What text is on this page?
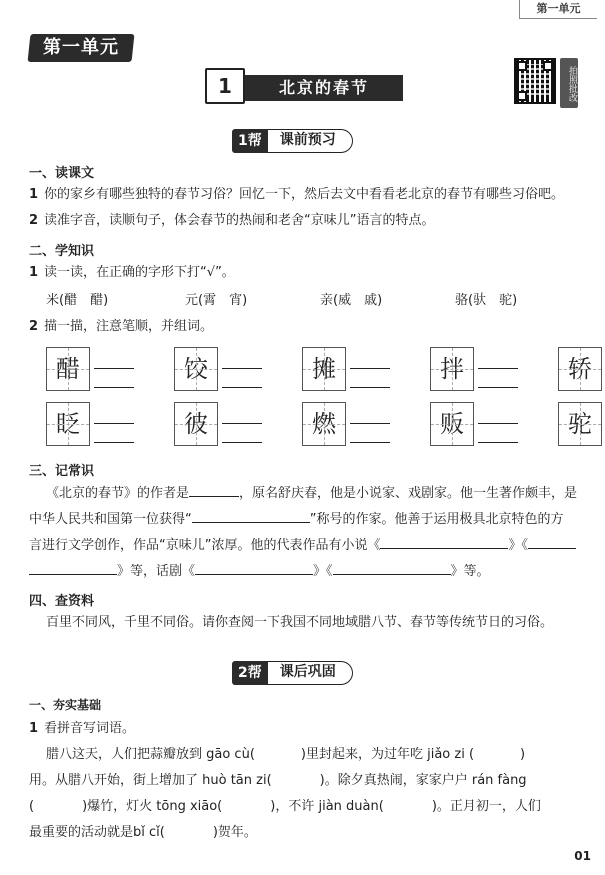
第一单元
第一单元
1	北京的春节	拍照批改
1帮	课前预习
一、读课文
1 你的家乡有哪些独特的春节习俗？回忆一下，然后去文中看看老北京的春节有哪些习俗吧。
2 读准字音，读顺句子，体会春节的热闹和老舍“京味儿”语言的特点。
二、学知识
1 读一读，在正确的字形下打“√”。
米(醋　醋)	元(霄　宵)	亲(威　戚)	骆(驮　驼)
2 描一描，注意笔顺，并组词。
醋	饺	摊	拌	轿
眨	彼	燃	贩	驼
三、记常识
《北京的春节》的作者是	，原名舒庆春，他是小说家、戏剧家。他一生著作颇丰，是
中华人民共和国第一位获得“	”称号的作家。他善于运用极具北京特色的方
言进行文学创作，作品“京味儿”浓厚。他的代表作品有小说《	》《
》等，话剧《	》《	》等。
四、查资料
百里不同风，千里不同俗。请你查阅一下我国不同地域腊八节、春节等传统节日的习俗。
2帮	课后巩固
一、夯实基础
1 看拼音写词语。
腊八这天，人们把蒜瓣放到 gāo cù(	)里封起来，为过年吃 jiǎo zi (	)
用。从腊八开始，街上增加了 huò tān zi(	)。除夕真热闹，家家户户 rán fàng
(	)爆竹，灯火 tōng xiāo(	)，不许 jiàn duàn(	)。正月初一，人们
最重要的活动就是bǐ cǐ(	)贺年。
01
